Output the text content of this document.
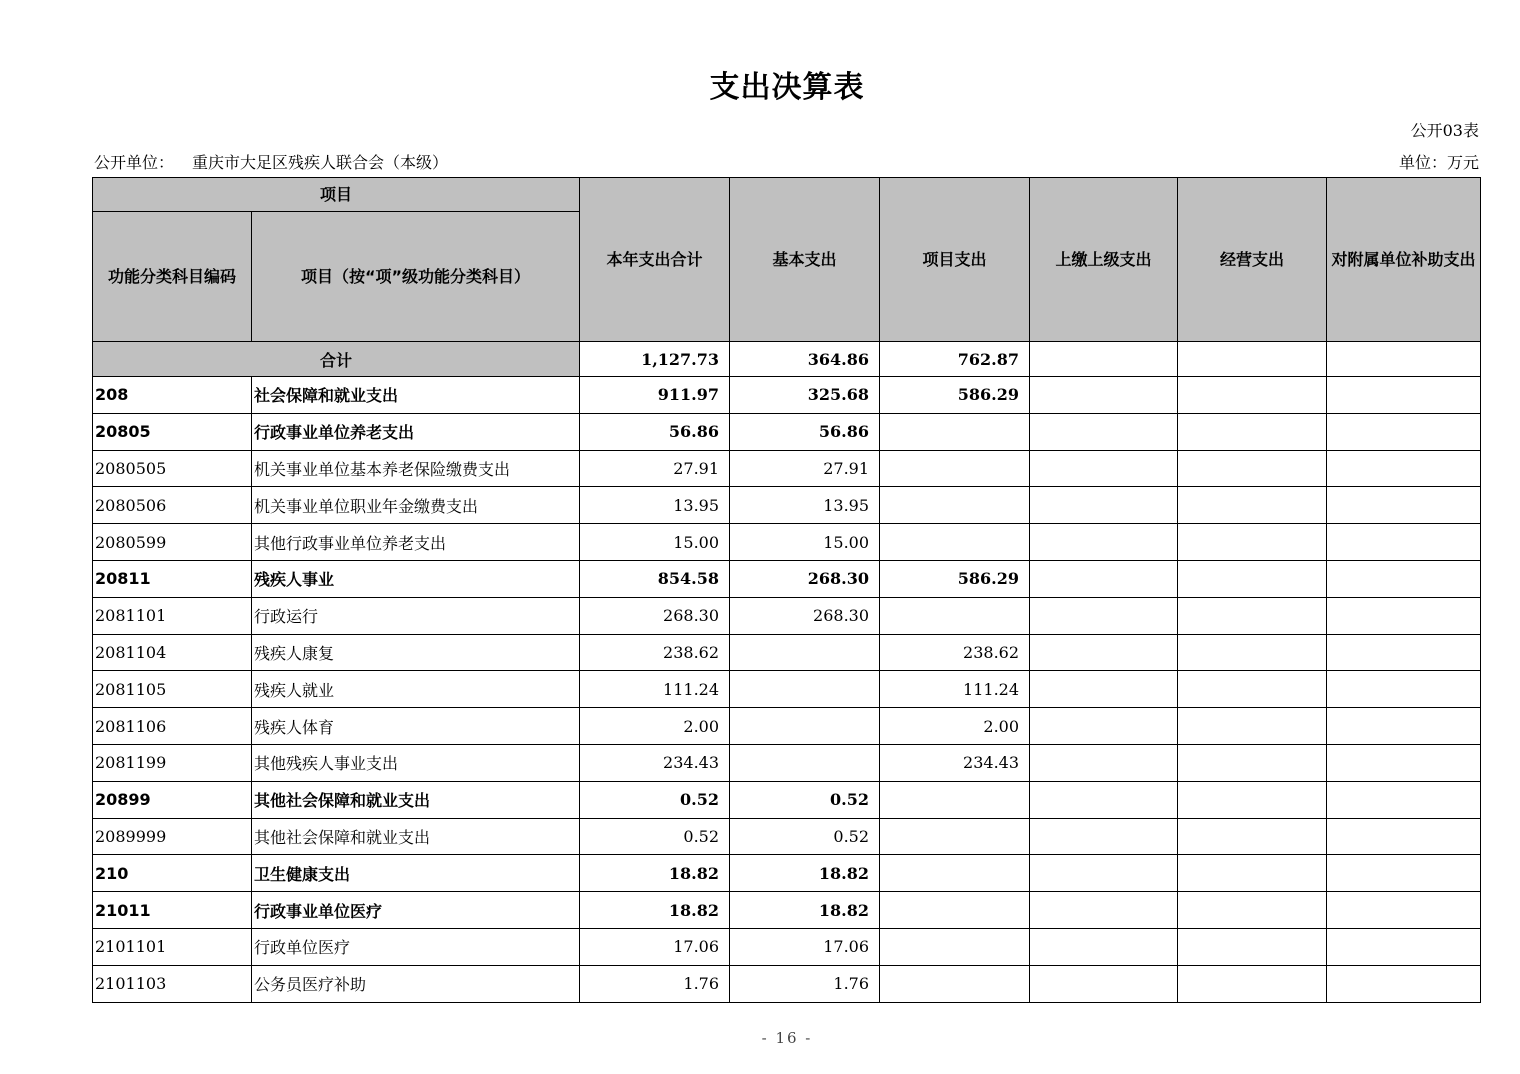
支出决算表
公开03表
公开单位： 重庆市大足区残疾人联合会（本级）	单位：万元
项目		本年支出合计	基本支出	项目支出	上缴上级支出	经营支出	对附属单位补助支出
功能分类科目编码	项目（按“项”级功能分类科目）						
合计		1,127.73	364.86	762.87			
208	社会保障和就业支出	911.97	325.68	586.29			
20805	行政事业单位养老支出	56.86	56.86				
2080505	机关事业单位基本养老保险缴费支出	27.91	27.91				
2080506	机关事业单位职业年金缴费支出	13.95	13.95				
2080599	其他行政事业单位养老支出	15.00	15.00				
20811	残疾人事业	854.58	268.30	586.29			
2081101	行政运行	268.30	268.30				
2081104	残疾人康复	238.62		238.62			
2081105	残疾人就业	111.24		111.24			
2081106	残疾人体育	2.00		2.00			
2081199	其他残疾人事业支出	234.43		234.43			
20899	其他社会保障和就业支出	0.52	0.52				
2089999	其他社会保障和就业支出	0.52	0.52				
210	卫生健康支出	18.82	18.82				
21011	行政事业单位医疗	18.82	18.82				
2101101	行政单位医疗	17.06	17.06				
2101103	公务员医疗补助	1.76	1.76				
- 16 -
